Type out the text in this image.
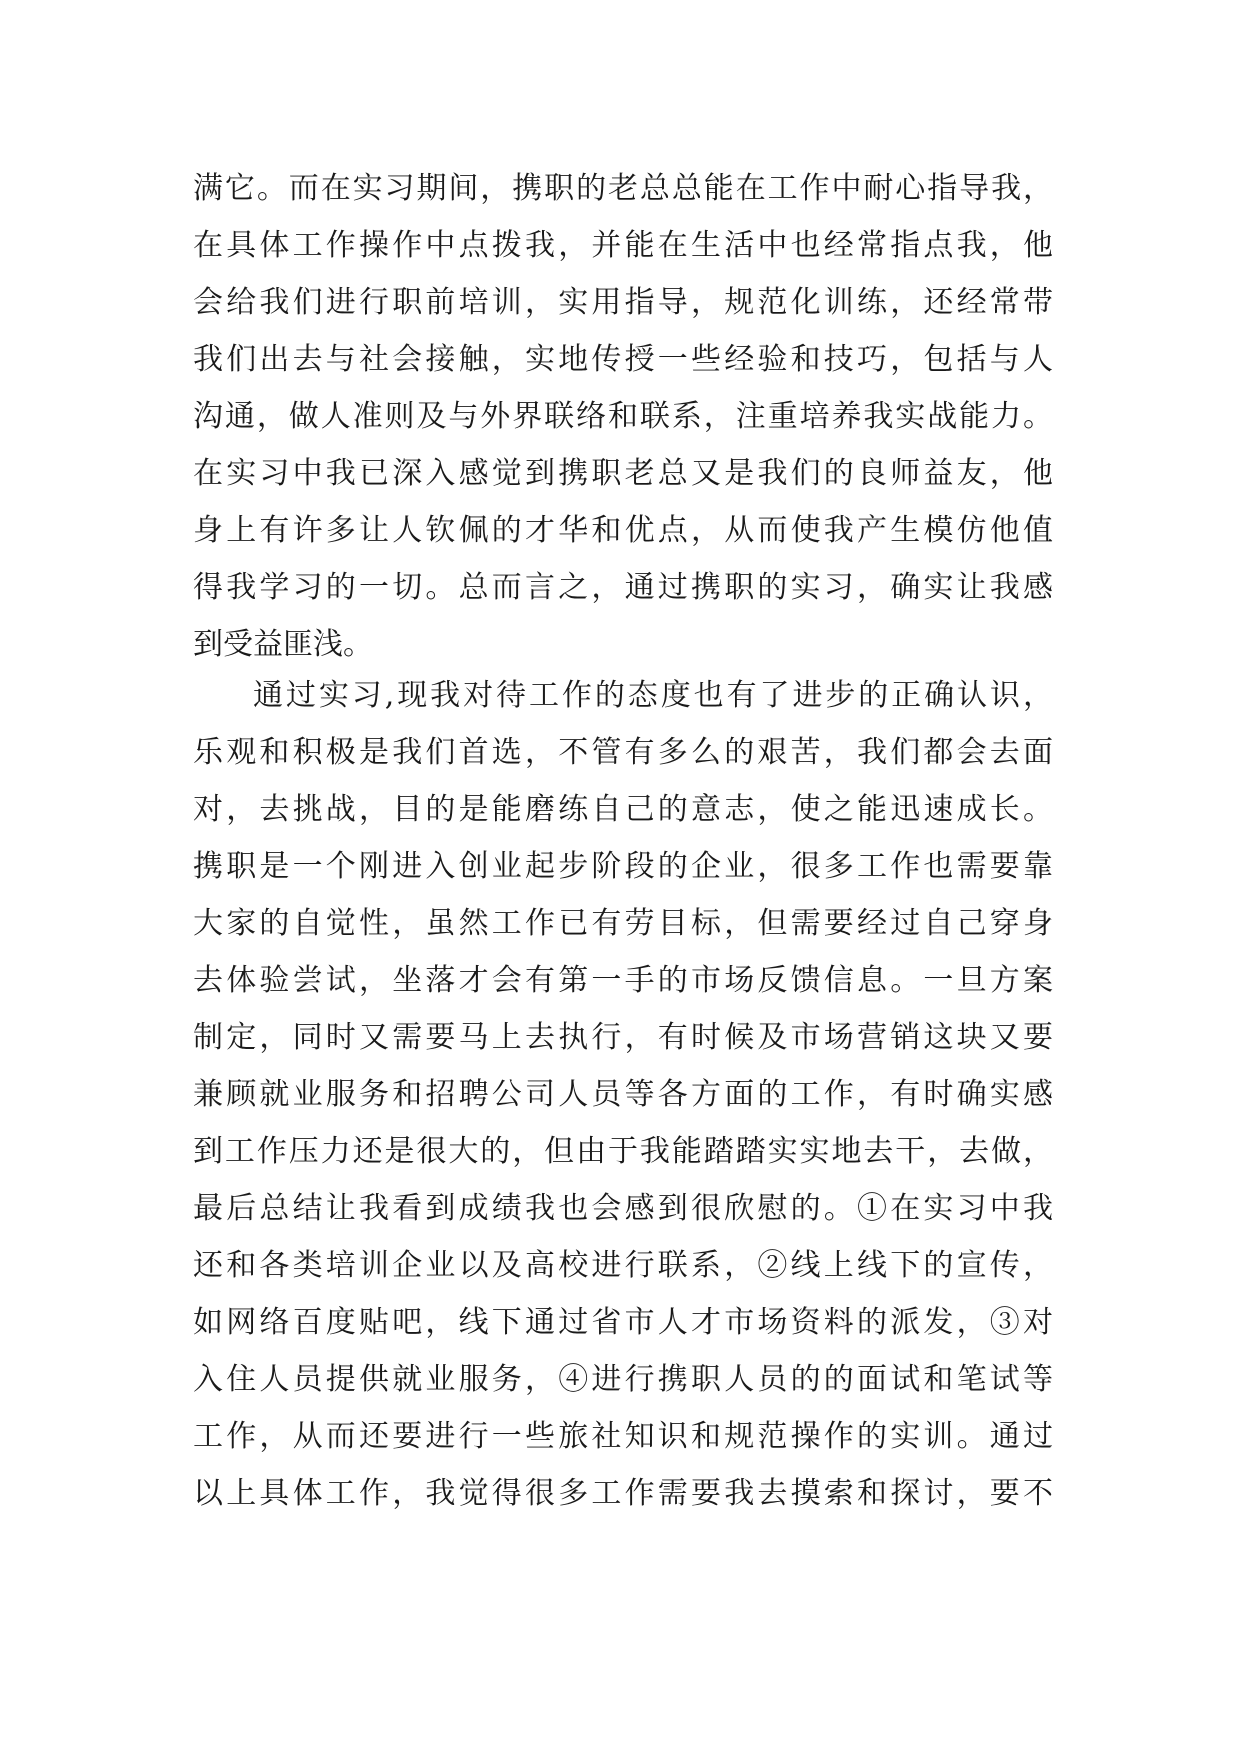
满它。而在实习期间，携职的老总总能在工作中耐心指导我，
在具体工作操作中点拨我，并能在生活中也经常指点我，他
会给我们进行职前培训，实用指导，规范化训练，还经常带
我们出去与社会接触，实地传授一些经验和技巧，包括与人
沟通，做人准则及与外界联络和联系，注重培养我实战能力。
在实习中我已深入感觉到携职老总又是我们的良师益友，他
身上有许多让人钦佩的才华和优点，从而使我产生模仿他值
得我学习的一切。总而言之，通过携职的实习，确实让我感
到受益匪浅。
通过实习,现我对待工作的态度也有了进步的正确认识，
乐观和积极是我们首选，不管有多么的艰苦，我们都会去面
对，去挑战，目的是能磨练自己的意志，使之能迅速成长。
携职是一个刚进入创业起步阶段的企业，很多工作也需要靠
大家的自觉性，虽然工作已有劳目标，但需要经过自己穿身
去体验尝试，坐落才会有第一手的市场反馈信息。一旦方案
制定，同时又需要马上去执行，有时候及市场营销这块又要
兼顾就业服务和招聘公司人员等各方面的工作，有时确实感
到工作压力还是很大的，但由于我能踏踏实实地去干，去做，
最后总结让我看到成绩我也会感到很欣慰的。①在实习中我
还和各类培训企业以及高校进行联系，②线上线下的宣传，
如网络百度贴吧，线下通过省市人才市场资料的派发，③对
入住人员提供就业服务，④进行携职人员的的面试和笔试等
工作，从而还要进行一些旅社知识和规范操作的实训。通过
以上具体工作，我觉得很多工作需要我去摸索和探讨，要不
